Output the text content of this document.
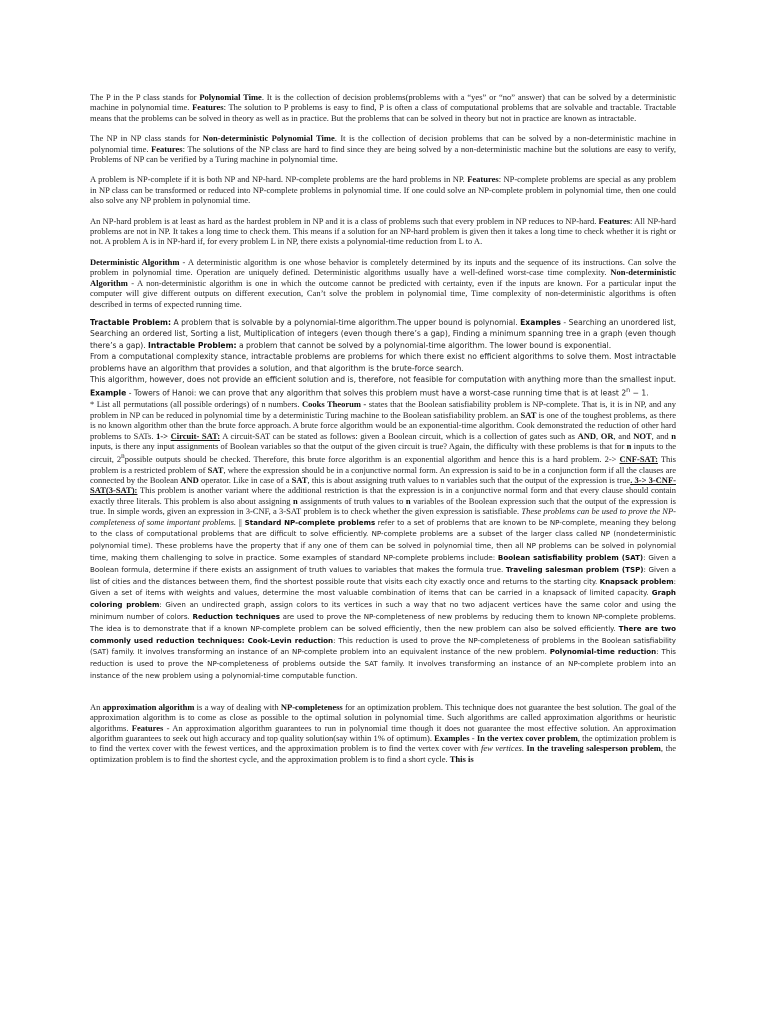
The P in the P class stands for Polynomial Time. It is the collection of decision problems(problems with a “yes” or “no” answer) that can be solved by a deterministic machine in polynomial time. Features: The solution to P problems is easy to find, P is often a class of computational problems that are solvable and tractable. Tractable means that the problems can be solved in theory as well as in practice. But the problems that can be solved in theory but not in practice are known as intractable.

The NP in NP class stands for Non-deterministic Polynomial Time. It is the collection of decision problems that can be solved by a non-deterministic machine in polynomial time. Features: The solutions of the NP class are hard to find since they are being solved by a non-deterministic machine but the solutions are easy to verify, Problems of NP can be verified by a Turing machine in polynomial time.

A problem is NP-complete if it is both NP and NP-hard. NP-complete problems are the hard problems in NP. Features: NP-complete problems are special as any problem in NP class can be transformed or reduced into NP-complete problems in polynomial time. If one could solve an NP-complete problem in polynomial time, then one could also solve any NP problem in polynomial time.

An NP-hard problem is at least as hard as the hardest problem in NP and it is a class of problems such that every problem in NP reduces to NP-hard. Features: All NP-hard problems are not in NP. It takes a long time to check them. This means if a solution for an NP-hard problem is given then it takes a long time to check whether it is right or not. A problem A is in NP-hard if, for every problem L in NP, there exists a polynomial-time reduction from L to A.

Deterministic Algorithm - A deterministic algorithm is one whose behavior is completely determined by its inputs and the sequence of its instructions. Can solve the problem in polynomial time. Operation are uniquely defined. Deterministic algorithms usually have a well-defined worst-case time complexity. Non-deterministic Algorithm - A non-deterministic algorithm is one in which the outcome cannot be predicted with certainty, even if the inputs are known. For a particular input the computer will give different outputs on different execution, Can’t solve the problem in polynomial time, Time complexity of non-deterministic algorithms is often described in terms of expected running time.

Tractable Problem: A problem that is solvable by a polynomial-time algorithm.The upper bound is polynomial. Examples - Searching an unordered list, Searching an ordered list, Sorting a list, Multiplication of integers (even though there’s a gap), Finding a minimum spanning tree in a graph (even though there’s a gap). Intractable Problem: a problem that cannot be solved by a polynomial-time algorithm. The lower bound is exponential.

From a computational complexity stance, intractable problems are problems for which there exist no efficient algorithms to solve them. Most intractable problems have an algorithm that provides a solution, and that algorithm is the brute-force search.

This algorithm, however, does not provide an efficient solution and is, therefore, not feasible for computation with anything more than the smallest input. Example - Towers of Hanoi: we can prove that any algorithm that solves this problem must have a worst-case running time that is at least $2^n - 1$.

* List all permutations (all possible orderings) of n numbers. Cooks Theorum - states that the Boolean satisfiability problem is NP-complete. That is, it is in NP, and any problem in NP can be reduced in polynomial time by a deterministic Turing machine to the Boolean satisfiability problem. an SAT is one of the toughest problems, as there is no known algorithm other than the brute force approach. A brute force algorithm would be an exponential-time algorithm. Cook demonstrated the reduction of other hard problems to SATs. 1-> Circuit- SAT: A circuit-SAT can be stated as follows: given a Boolean circuit, which is a collection of gates such as AND, OR, and NOT, and n inputs, is there any input assignments of Boolean variables so that the output of the given circuit is true? Again, the difficulty with these problems is that for n inputs to the circuit, 2$^n$possible outputs should be checked. Therefore, this brute force algorithm is an exponential algorithm and hence this is a hard problem. 2-> CNF-SAT: This problem is a restricted problem of SAT, where the expression should be in a conjunctive normal form. An expression is said to be in a conjunction form if all the clauses are connected by the Boolean AND operator. Like in case of a SAT, this is about assigning truth values to n variables such that the output of the expression is true. 3-> 3-CNF-SAT(3-SAT): This problem is another variant where the additional restriction is that the expression is in a conjunctive normal form and that every clause should contain exactly three literals. This problem is also about assigning n assignments of truth values to n variables of the Boolean expression such that the output of the expression is true. In simple words, given an expression in 3-CNF, a 3-SAT problem is to check whether the given expression is satisfiable. These problems can be used to prove the NP-completeness of some important problems. || Standard NP-complete problems refer to a set of problems that are known to be NP-complete, meaning they belong to the class of computational problems that are difficult to solve efficiently. NP-complete problems are a subset of the larger class called NP (nondeterministic polynomial time). These problems have the property that if any one of them can be solved in polynomial time, then all NP problems can be solved in polynomial time, making them challenging to solve in practice. Some examples of standard NP-complete problems include: Boolean satisfiability problem (SAT): Given a Boolean formula, determine if there exists an assignment of truth values to variables that makes the formula true. Traveling salesman problem (TSP): Given a list of cities and the distances between them, find the shortest possible route that visits each city exactly once and returns to the starting city. Knapsack problem: Given a set of items with weights and values, determine the most valuable combination of items that can be carried in a knapsack of limited capacity. Graph coloring problem: Given an undirected graph, assign colors to its vertices in such a way that no two adjacent vertices have the same color and using the minimum number of colors. Reduction techniques are used to prove the NP-completeness of new problems by reducing them to known NP-complete problems. The idea is to demonstrate that if a known NP-complete problem can be solved efficiently, then the new problem can also be solved efficiently. There are two commonly used reduction techniques: Cook-Levin reduction: This reduction is used to prove the NP-completeness of problems in the Boolean satisfiability (SAT) family. It involves transforming an instance of an NP-complete problem into an equivalent instance of the new problem. Polynomial-time reduction: This reduction is used to prove the NP-completeness of problems outside the SAT family. It involves transforming an instance of an NP-complete problem into an instance of the new problem using a polynomial-time computable function.

An approximation algorithm is a way of dealing with NP-completeness for an optimization problem. This technique does not guarantee the best solution. The goal of the approximation algorithm is to come as close as possible to the optimal solution in polynomial time. Such algorithms are called approximation algorithms or heuristic algorithms. Features - An approximation algorithm guarantees to run in polynomial time though it does not guarantee the most effective solution. An approximation algorithm guarantees to seek out high accuracy and top quality solution(say within 1% of optimum). Examples - In the vertex cover problem, the optimization problem is to find the vertex cover with the fewest vertices, and the approximation problem is to find the vertex cover with few vertices. In the traveling salesperson problem, the optimization problem is to find the shortest cycle, and the approximation problem is to find a short cycle. This is
